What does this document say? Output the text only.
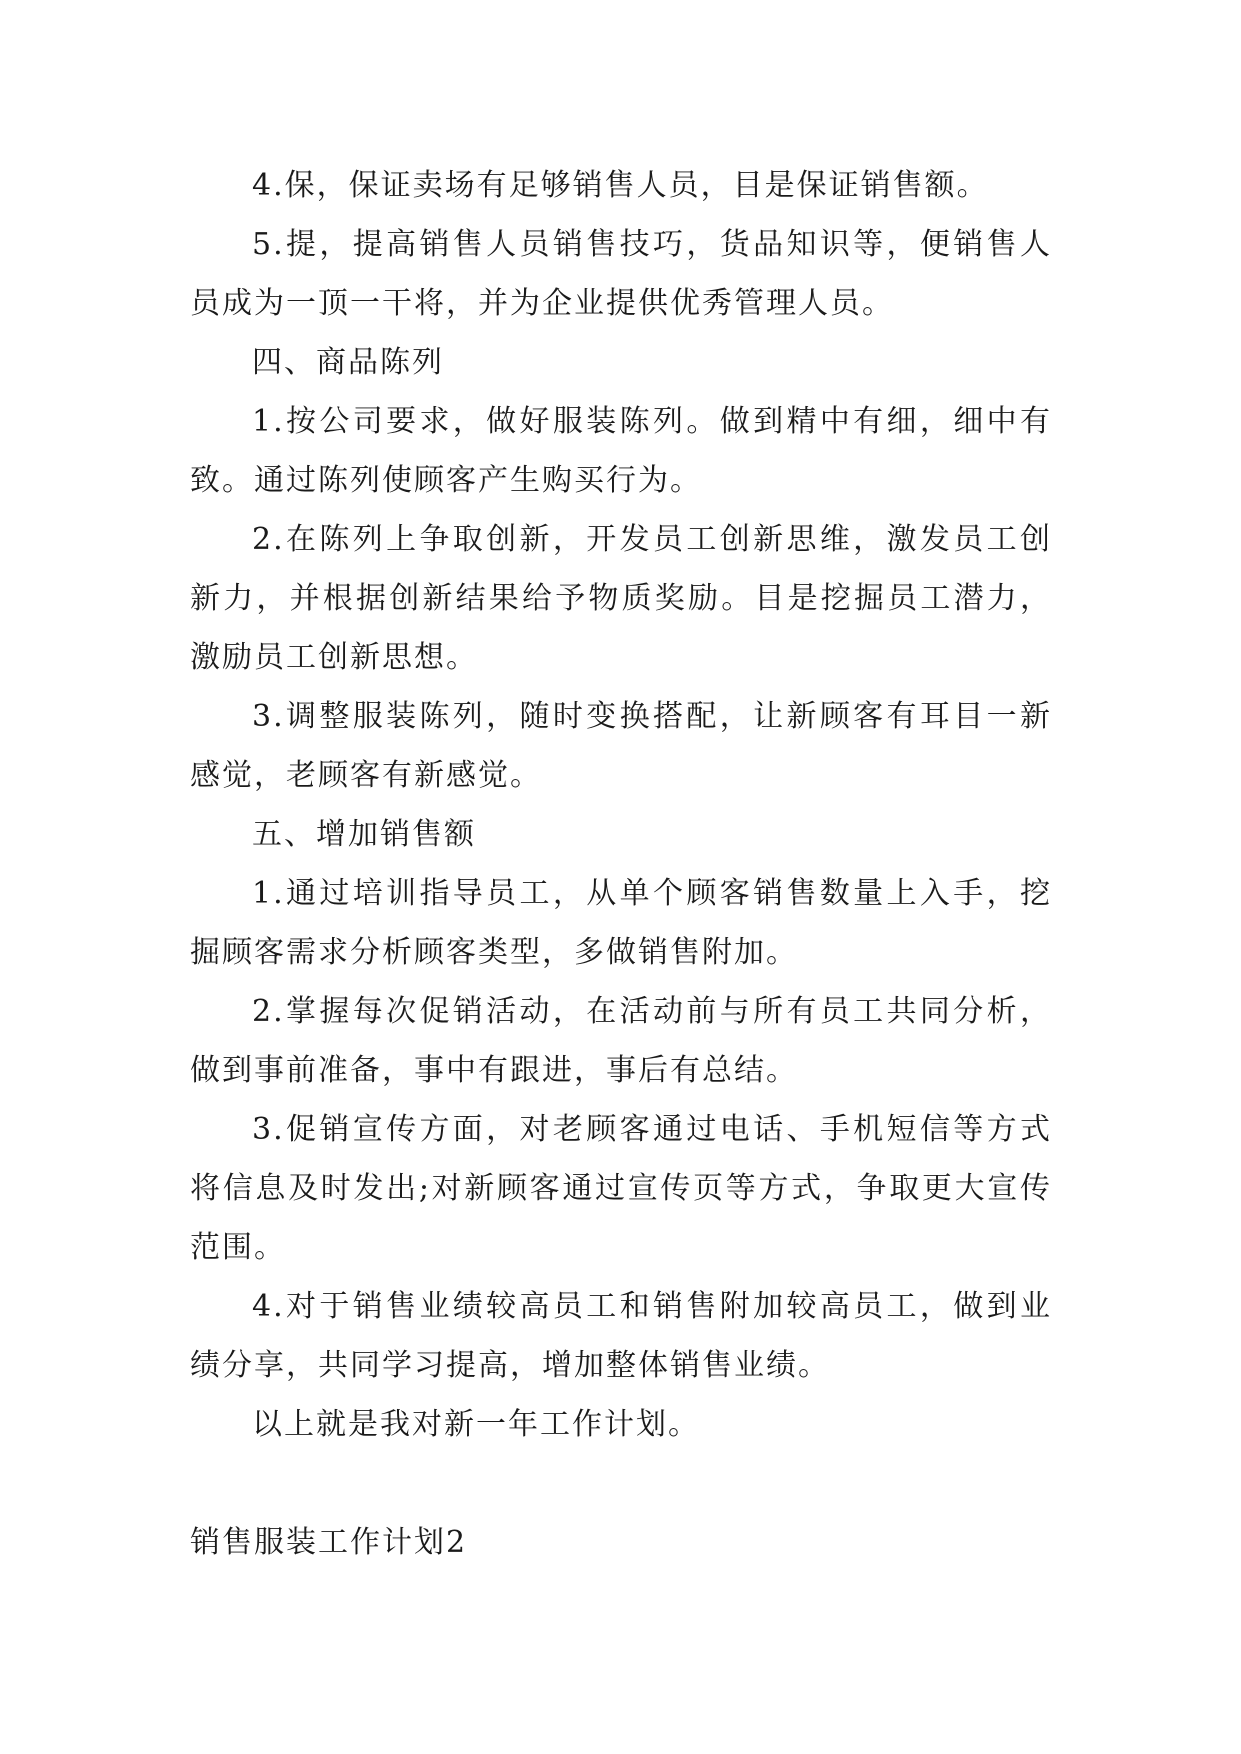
4.保，保证卖场有足够销售人员，目是保证销售额。

5.提，提高销售人员销售技巧，货品知识等，便销售人员成为一顶一干将，并为企业提供优秀管理人员。

四、商品陈列

1.按公司要求，做好服装陈列。做到精中有细，细中有致。通过陈列使顾客产生购买行为。

2.在陈列上争取创新，开发员工创新思维，激发员工创新力，并根据创新结果给予物质奖励。目是挖掘员工潜力，激励员工创新思想。

3.调整服装陈列，随时变换搭配，让新顾客有耳目一新感觉，老顾客有新感觉。

五、增加销售额

1.通过培训指导员工，从单个顾客销售数量上入手，挖掘顾客需求分析顾客类型，多做销售附加。

2.掌握每次促销活动，在活动前与所有员工共同分析，做到事前准备，事中有跟进，事后有总结。

3.促销宣传方面，对老顾客通过电话、手机短信等方式将信息及时发出;对新顾客通过宣传页等方式，争取更大宣传范围。

4.对于销售业绩较高员工和销售附加较高员工，做到业绩分享，共同学习提高，增加整体销售业绩。

以上就是我对新一年工作计划。

销售服装工作计划2
